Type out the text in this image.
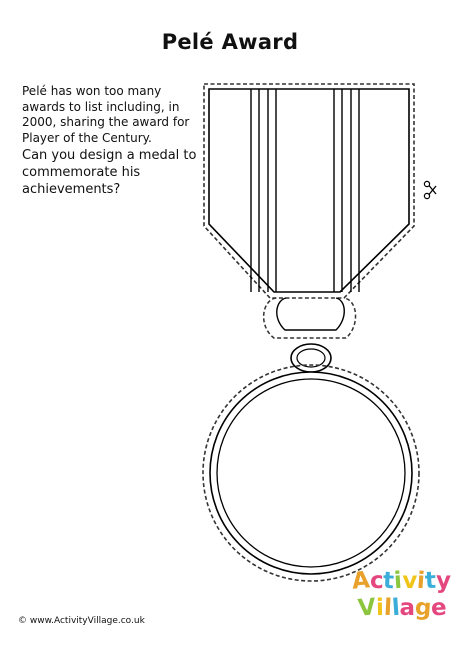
Pelé Award

Pelé has won too many awards to list including, in 2000, sharing the award for Player of the Century.

Can you design a medal to commemorate his achievements?

© www.ActivityVillage.co.uk
Activity
Village
